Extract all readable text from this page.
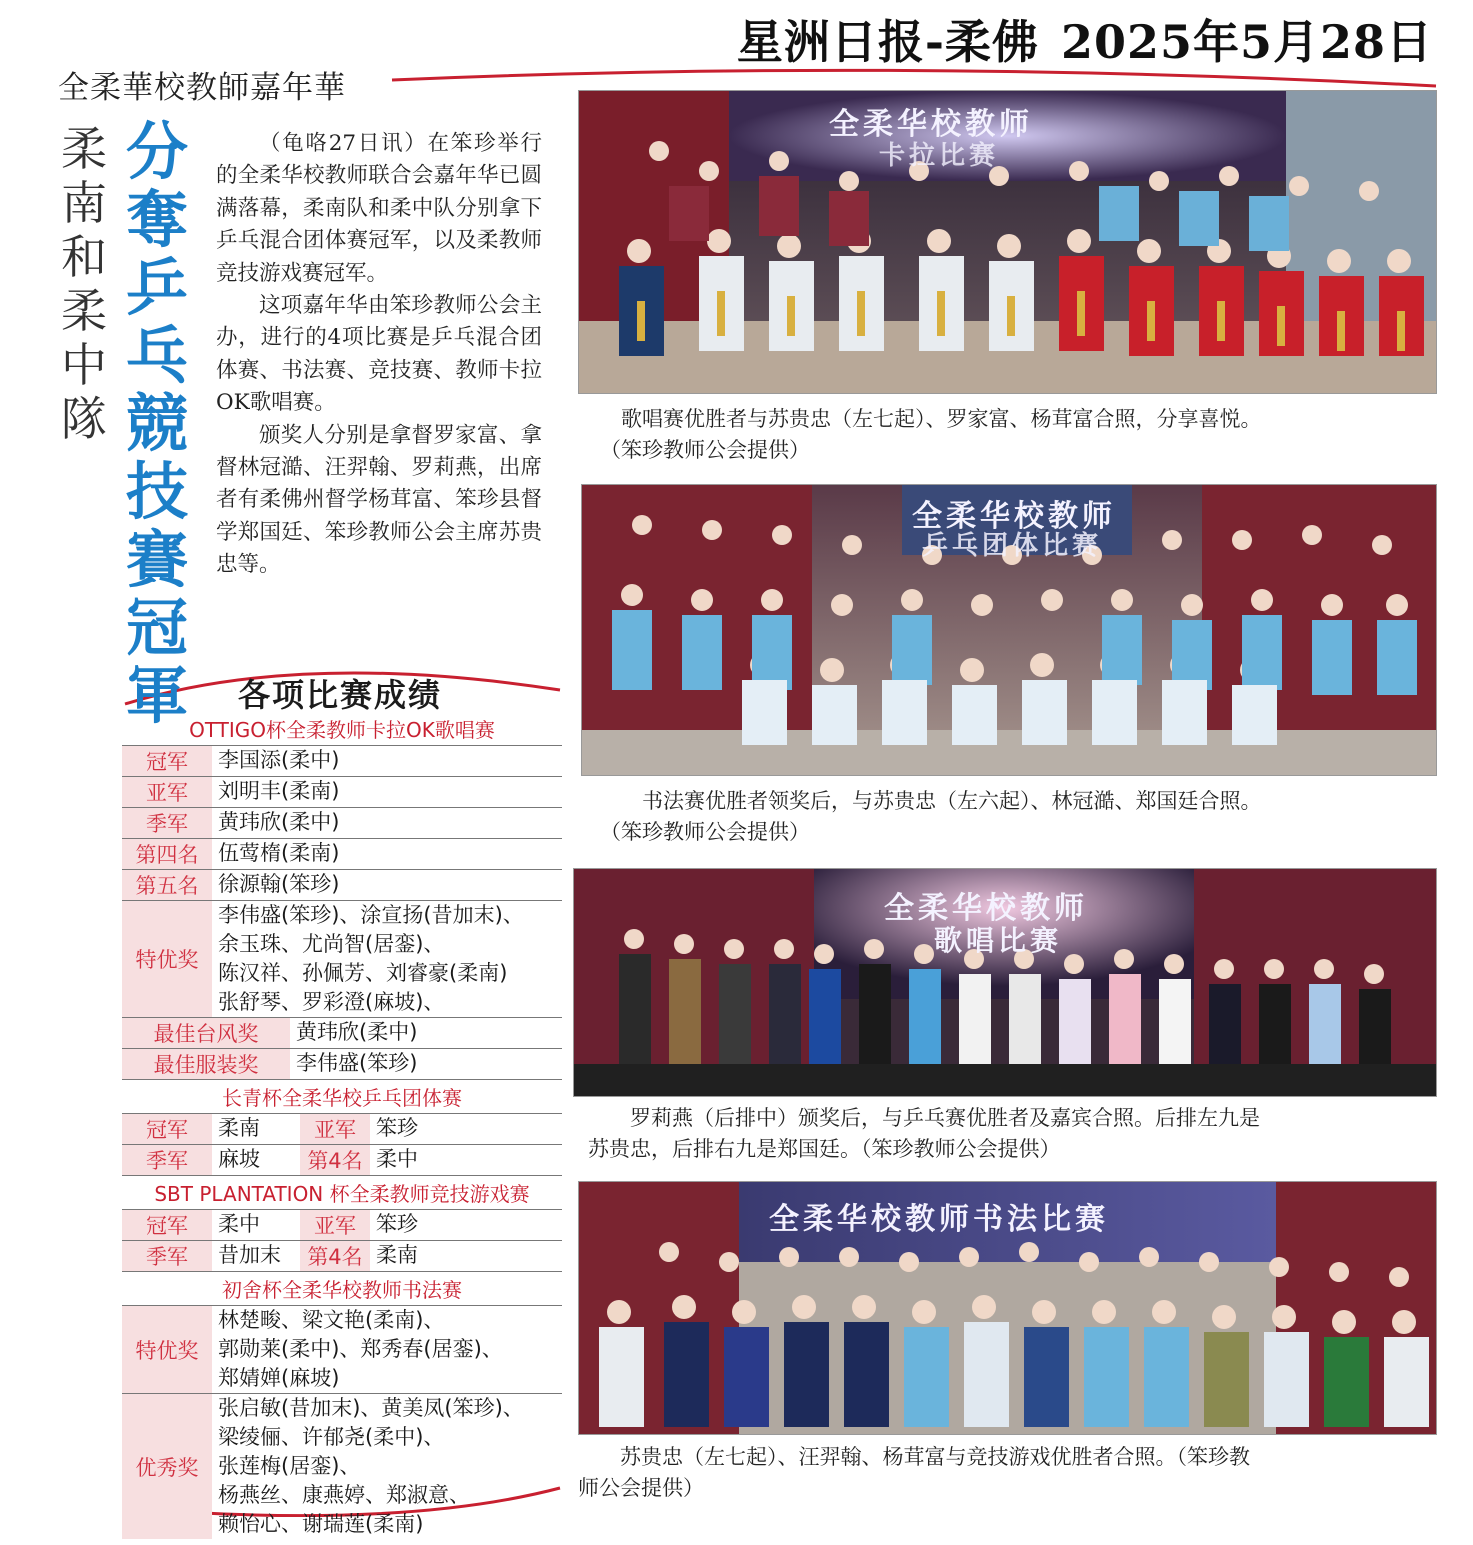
星洲日报-柔佛 2025年5月28日
全柔華校教師嘉年華
柔南和柔中隊
分奪乒乓競技賽冠軍

（龟咯27日讯）在笨珍举行的全柔华校教师联合会嘉年华已圆满落幕，柔南队和柔中队分别拿下乒乓混合团体赛冠军，以及柔教师竞技游戏赛冠军。

这项嘉年华由笨珍教师公会主办，进行的4项比赛是乒乓混合团体赛、书法赛、竞技赛、教师卡拉OK歌唱赛。

颁奖人分别是拿督罗家富、拿督林冠澔、汪羿翰、罗莉燕，出席者有柔佛州督学杨茸富、笨珍县督学郑国廷、笨珍教师公会主席苏贵忠等。

各项比赛成绩
OTTIGO杯全柔教师卡拉OK歌唱赛
冠军	李国添(柔中)
亚军	刘明丰(柔南)
季军	黄玮欣(柔中)
第四名 伍莺楕(柔南)
第五名 徐源翰(笨珍)
特优奖
李伟盛(笨珍)、涂宣扬(昔加末)、
余玉珠、尤尚智(居銮)、
陈汉祥、孙佩芳、刘睿豪(柔南)
张舒琴、罗彩澄(麻坡)、
最佳台风奖	黄玮欣(柔中)
最佳服装奖	李伟盛(笨珍)
长青杯全柔华校乒乓团体赛
冠军	柔南	亚军 笨珍
季军	麻坡	第4名 柔中
SBT PLANTATION 杯全柔教师竞技游戏赛
冠军	柔中	亚军 笨珍
季军	昔加末	第4名 柔南
初舍杯全柔华校教师书法赛
特优奖
林楚畯、梁文艳(柔南)、
郭勋莱(柔中)、郑秀春(居銮)、
郑婧婵(麻坡)
优秀奖
张启敏(昔加末)、黄美凤(笨珍)、
梁绫俪、许郁尧(柔中)、
张莲梅(居銮)、
杨燕丝、康燕婷、郑淑意、
赖怡心、谢瑞莲(柔南)
全柔华校教师
卡拉比赛
歌唱赛优胜者与苏贵忠（左七起）、罗家富、杨茸富合照，分享喜悦。
（笨珍教师公会提供）
全柔华校教师
乒乓团体比赛
书法赛优胜者领奖后，与苏贵忠（左六起）、林冠澔、郑国廷合照。
（笨珍教师公会提供）
全柔华校教师
歌唱比赛
罗莉燕（后排中）颁奖后，与乒乓赛优胜者及嘉宾合照。后排左九是
苏贵忠，后排右九是郑国廷。（笨珍教师公会提供）
全柔华校教师书法比赛
苏贵忠（左七起）、汪羿翰、杨茸富与竞技游戏优胜者合照。（笨珍教
师公会提供）
